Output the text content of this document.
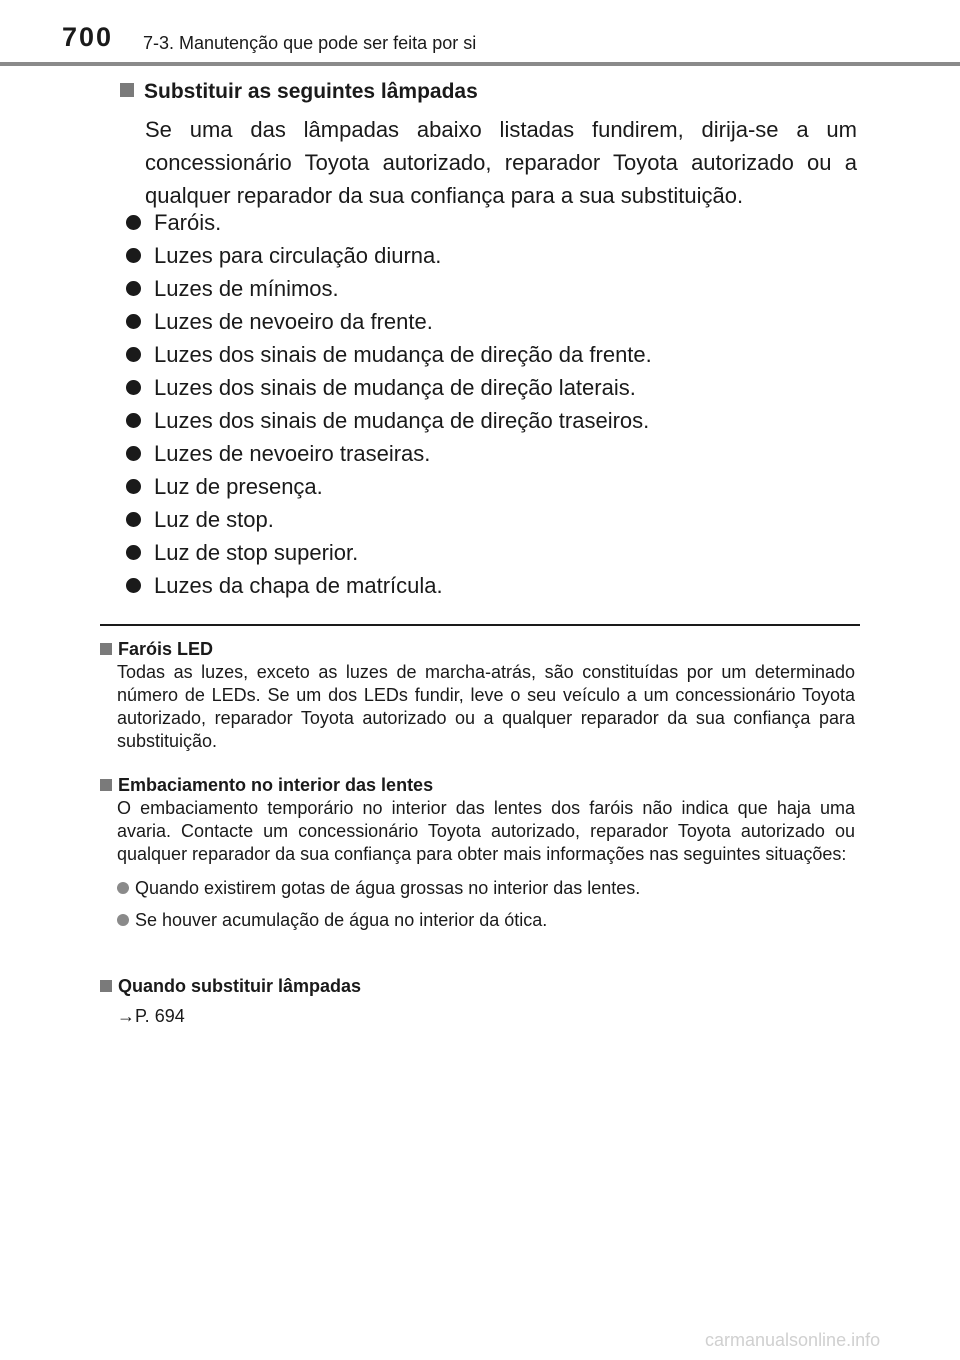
700 7-3. Manutenção que pode ser feita por si
Substituir as seguintes lâmpadas
Se uma das lâmpadas abaixo listadas fundirem, dirija-se a um concessionário Toyota autorizado, reparador Toyota autorizado ou a qualquer reparador da sua confiança para a sua substituição.
Faróis.
Luzes para circulação diurna.
Luzes de mínimos.
Luzes de nevoeiro da frente.
Luzes dos sinais de mudança de direção da frente.
Luzes dos sinais de mudança de direção laterais.
Luzes dos sinais de mudança de direção traseiros.
Luzes de nevoeiro traseiras.
Luz de presença.
Luz de stop.
Luz de stop superior.
Luzes da chapa de matrícula.
Faróis LED
Todas as luzes, exceto as luzes de marcha-atrás, são constituídas por um determinado número de LEDs. Se um dos LEDs fundir, leve o seu veículo a um concessionário Toyota autorizado, reparador Toyota autorizado ou a qualquer reparador da sua confiança para substituição.
Embaciamento no interior das lentes
O embaciamento temporário no interior das lentes dos faróis não indica que haja uma avaria. Contacte um concessionário Toyota autorizado, reparador Toyota autorizado ou qualquer reparador da sua confiança para obter mais informações nas seguintes situações:
Quando existirem gotas de água grossas no interior das lentes.
Se houver acumulação de água no interior da ótica.
Quando substituir lâmpadas
→P. 694
carmanualsonline.info
